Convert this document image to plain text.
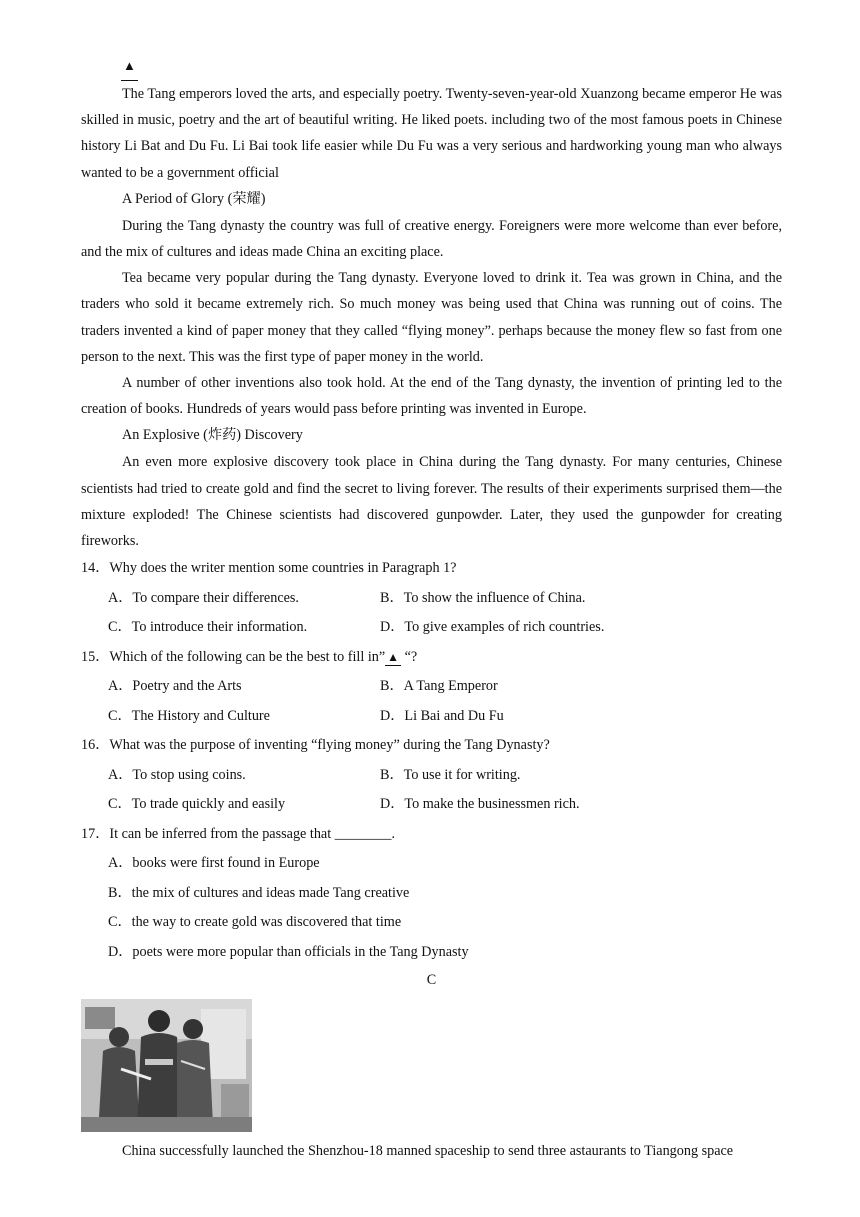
▲

The Tang emperors loved the arts, and especially poetry. Twenty-seven-year-old Xuanzong became emperor He was skilled in music, poetry and the art of beautiful writing. He liked poets. including two of the most famous poets in Chinese history Li Bat and Du Fu. Li Bai took life easier while Du Fu was a very serious and hardworking young man who always wanted to be a government official

A Period of Glory (荣耀)

During the Tang dynasty the country was full of creative energy. Foreigners were more welcome than ever before, and the mix of cultures and ideas made China an exciting place.

Tea became very popular during the Tang dynasty. Everyone loved to drink it. Tea was grown in China, and the traders who sold it became extremely rich. So much money was being used that China was running out of coins. The traders invented a kind of paper money that they called “flying money”. perhaps because the money flew so fast from one person to the next. This was the first type of paper money in the world.

A number of other inventions also took hold. At the end of the Tang dynasty, the invention of printing led to the creation of books. Hundreds of years would pass before printing was invented in Europe.

An Explosive (炸药) Discovery

An even more explosive discovery took place in China during the Tang dynasty. For many centuries, Chinese scientists had tried to create gold and find the secret to living forever. The results of their experiments surprised them—the mixture exploded! The Chinese scientists had discovered gunpowder. Later, they used the gunpowder for creating fireworks.

14．Why does the writer mention some countries in Paragraph 1?

A．To compare their differences.	B．To show the influence of China.
C．To introduce their information.	D．To give examples of rich countries.

15．Which of the following can be the best to fill in” ▲ “?

A．Poetry and the Arts	B．A Tang Emperor
C．The History and Culture	D．Li Bai and Du Fu

16．What was the purpose of inventing “flying money” during the Tang Dynasty?

A．To stop using coins.	B．To use it for writing.
C．To trade quickly and easily	D．To make the businessmen rich.

17．It can be inferred from the passage that ________.

A．books were first found in Europe
B．the mix of cultures and ideas made Tang creative
C．the way to create gold was discovered that time
D．poets were more popular than officials in the Tang Dynasty
C

China successfully launched the Shenzhou-18 manned spaceship to send three astaurants to Tiangong space
